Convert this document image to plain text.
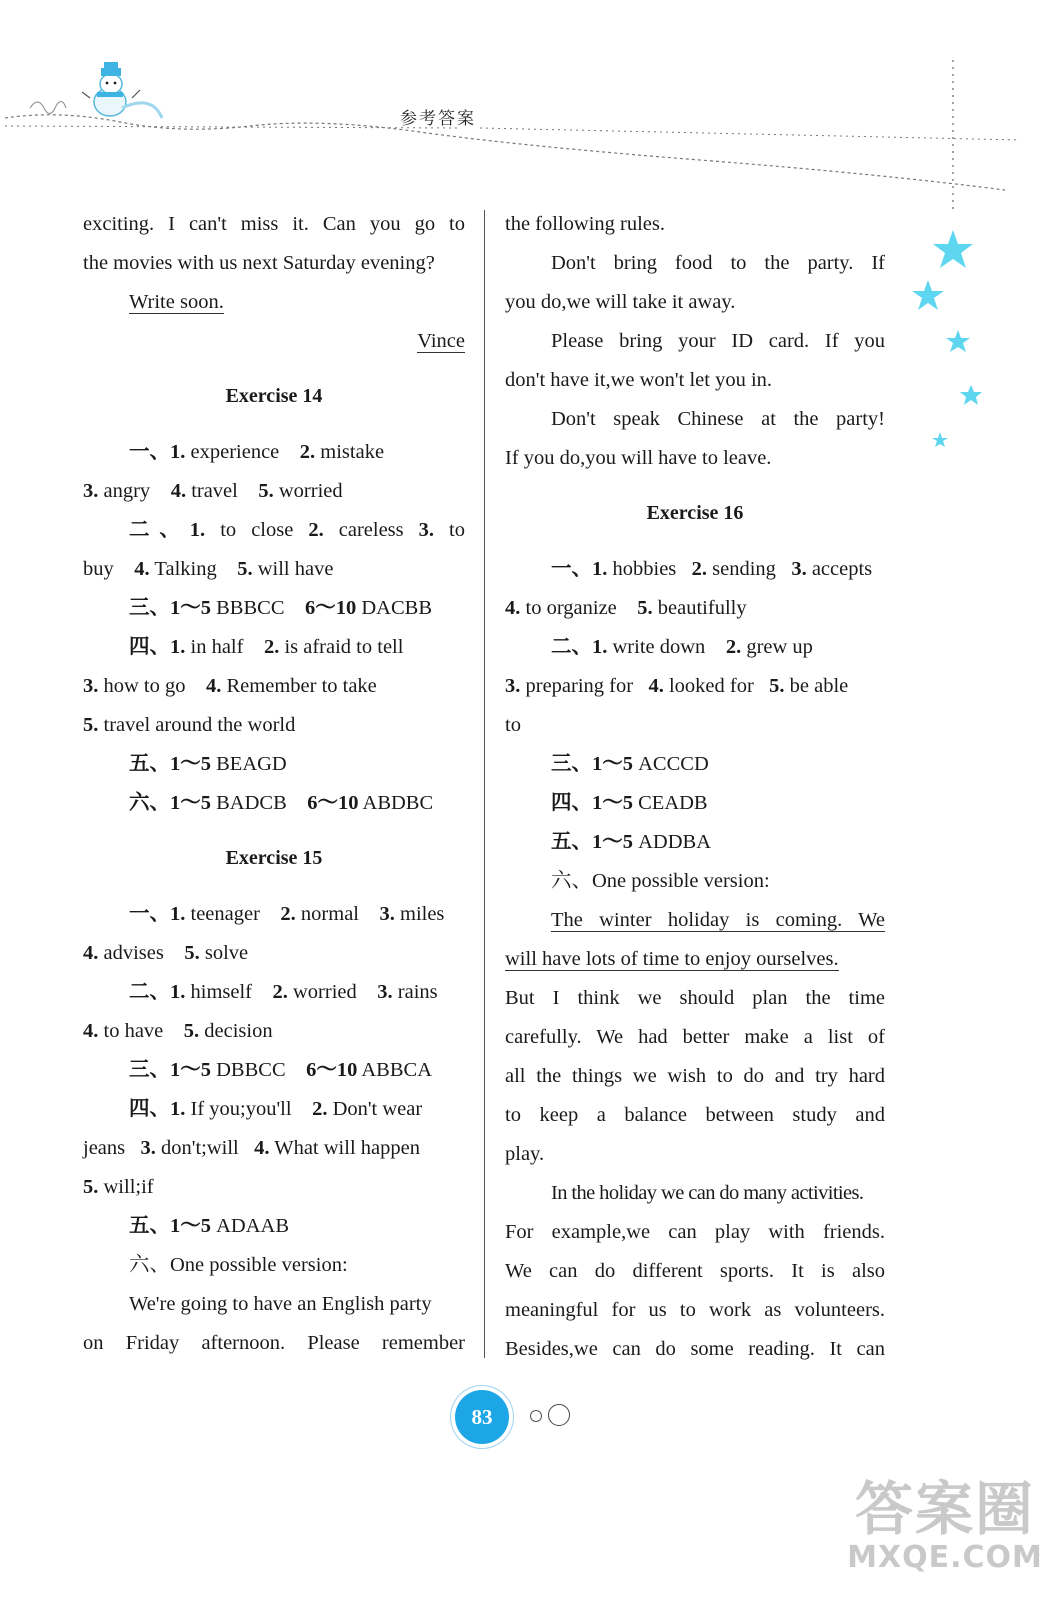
参考答案

exciting. I can't miss it. Can you go to

the movies with us next Saturday evening?

Write soon.

Vince

Exercise 14

一、1. experience 2. mistake

3. angry 4. travel 5. worried

二、1. to close 2. careless 3. to

buy 4. Talking 5. will have

三、1～5 BBBCC 6～10 DACBB

四、1. in half 2. is afraid to tell

3. how to go 4. Remember to take

5. travel around the world

五、1～5 BEAGD

六、1～5 BADCB 6～10 ABDBC

Exercise 15

一、1. teenager 2. normal 3. miles

4. advises 5. solve

二、1. himself 2. worried 3. rains

4. to have 5. decision

三、1～5 DBBCC 6～10 ABBCA

四、1. If you;you'll 2. Don't wear

jeans 3. don't;will 4. What will happen

5. will;if

五、1～5 ADAAB

六、One possible version:

We're going to have an English party

on Friday afternoon. Please remember

the following rules.

Don't bring food to the party. If

you do,we will take it away.

Please bring your ID card. If you

don't have it,we won't let you in.

Don't speak Chinese at the party!

If you do,you will have to leave.

Exercise 16

一、1. hobbies 2. sending 3. accepts

4. to organize 5. beautifully

二、1. write down 2. grew up

3. preparing for 4. looked for 5. be able

to

三、1～5 ACCCD

四、1～5 CEADB

五、1～5 ADDBA

六、One possible version:

The winter holiday is coming. We

will have lots of time to enjoy ourselves.

But I think we should plan the time

carefully. We had better make a list of

all the things we wish to do and try hard

to keep a balance between study and

play.

In the holiday we can do many activities.

For example,we can play with friends.

We can do different sports. It is also

meaningful for us to work as volunteers.

Besides,we can do some reading. It can

83
答案圈
MXQE.COM
